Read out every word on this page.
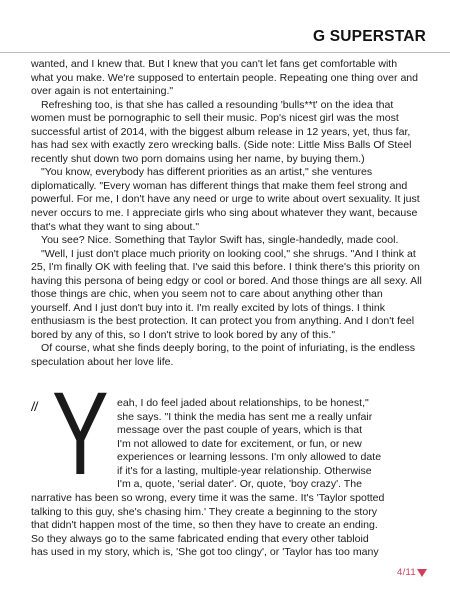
G SUPERSTAR

wanted, and I knew that. But I knew that you can't let fans get comfortable with what you make. We're supposed to entertain people. Repeating one thing over and over again is not entertaining."

Refreshing too, is that she has called a resounding 'bulls**t' on the idea that women must be pornographic to sell their music. Pop's nicest girl was the most successful artist of 2014, with the biggest album release in 12 years, yet, thus far, has had sex with exactly zero wrecking balls. (Side note: Little Miss Balls Of Steel recently shut down two porn domains using her name, by buying them.)

"You know, everybody has different priorities as an artist," she ventures diplomatically. "Every woman has different things that make them feel strong and powerful. For me, I don't have any need or urge to write about overt sexuality. It just never occurs to me. I appreciate girls who sing about whatever they want, because that's what they want to sing about."

You see? Nice. Something that Taylor Swift has, single-handedly, made cool.

"Well, I just don't place much priority on looking cool," she shrugs. "And I think at 25, I'm finally OK with feeling that. I've said this before. I think there's this priority on having this persona of being edgy or cool or bored. And those things are all sexy. All those things are chic, when you seem not to care about anything other than yourself. And I just don't buy into it. I'm really excited by lots of things. I think enthusiasm is the best protection. It can protect you from anything. And I don't feel bored by any of this, so I don't strive to look bored by any of this."

Of course, what she finds deeply boring, to the point of infuriating, is the endless speculation about her love life.

// Y eah, I do feel jaded about relationships, to be honest,"
she says. "I think the media has sent me a really unfair
message over the past couple of years, which is that
I'm not allowed to date for excitement, or fun, or new
experiences or learning lessons. I'm only allowed to date
if it's for a lasting, multiple-year relationship. Otherwise
I'm a, quote, 'serial dater'. Or, quote, 'boy crazy'. The
narrative has been so wrong, every time it was the same. It's 'Taylor spotted
talking to this guy, she's chasing him.' They create a beginning to the story
that didn't happen most of the time, so then they have to create an ending.
So they always go to the same fabricated ending that every other tabloid
has used in my story, which is, 'She got too clingy', or 'Taylor has too many
4/11
